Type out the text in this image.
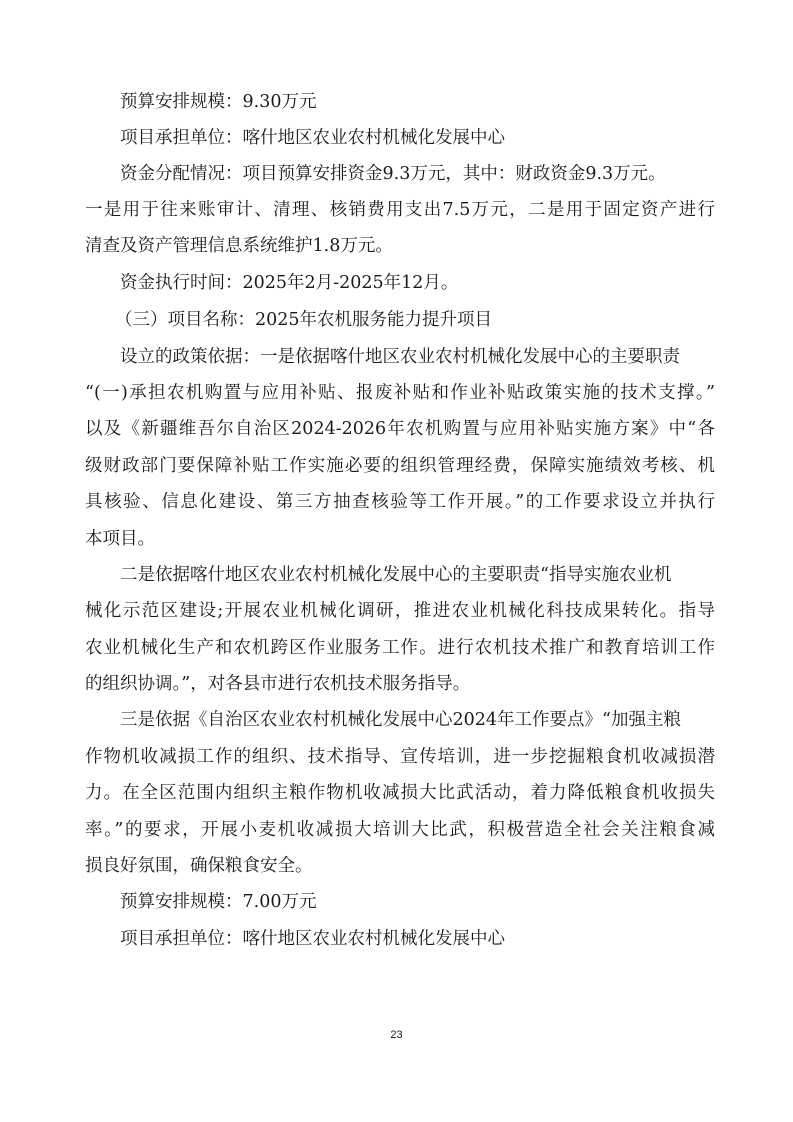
预算安排规模：9.30万元
项目承担单位：喀什地区农业农村机械化发展中心
资金分配情况：项目预算安排资金9.3万元，其中：财政资金9.3万元。
一是用于往来账审计、清理、核销费用支出7.5万元，二是用于固定资产进行
清查及资产管理信息系统维护1.8万元。
资金执行时间：2025年2月-2025年12月。
（三）项目名称：2025年农机服务能力提升项目
设立的政策依据：一是依据喀什地区农业农村机械化发展中心的主要职责
“(一)承担农机购置与应用补贴、报废补贴和作业补贴政策实施的技术支撑。”
以及《新疆维吾尔自治区2024-2026年农机购置与应用补贴实施方案》中“各
级财政部门要保障补贴工作实施必要的组织管理经费，保障实施绩效考核、机
具核验、信息化建设、第三方抽查核验等工作开展。”的工作要求设立并执行
本项目。
二是依据喀什地区农业农村机械化发展中心的主要职责“指导实施农业机
械化示范区建设;开展农业机械化调研，推进农业机械化科技成果转化。指导
农业机械化生产和农机跨区作业服务工作。进行农机技术推广和教育培训工作
的组织协调。”，对各县市进行农机技术服务指导。
三是依据《自治区农业农村机械化发展中心2024年工作要点》“加强主粮
作物机收减损工作的组织、技术指导、宣传培训，进一步挖掘粮食机收减损潜
力。在全区范围内组织主粮作物机收减损大比武活动，着力降低粮食机收损失
率。”的要求，开展小麦机收减损大培训大比武，积极营造全社会关注粮食减
损良好氛围，确保粮食安全。
预算安排规模：7.00万元
项目承担单位：喀什地区农业农村机械化发展中心
23
